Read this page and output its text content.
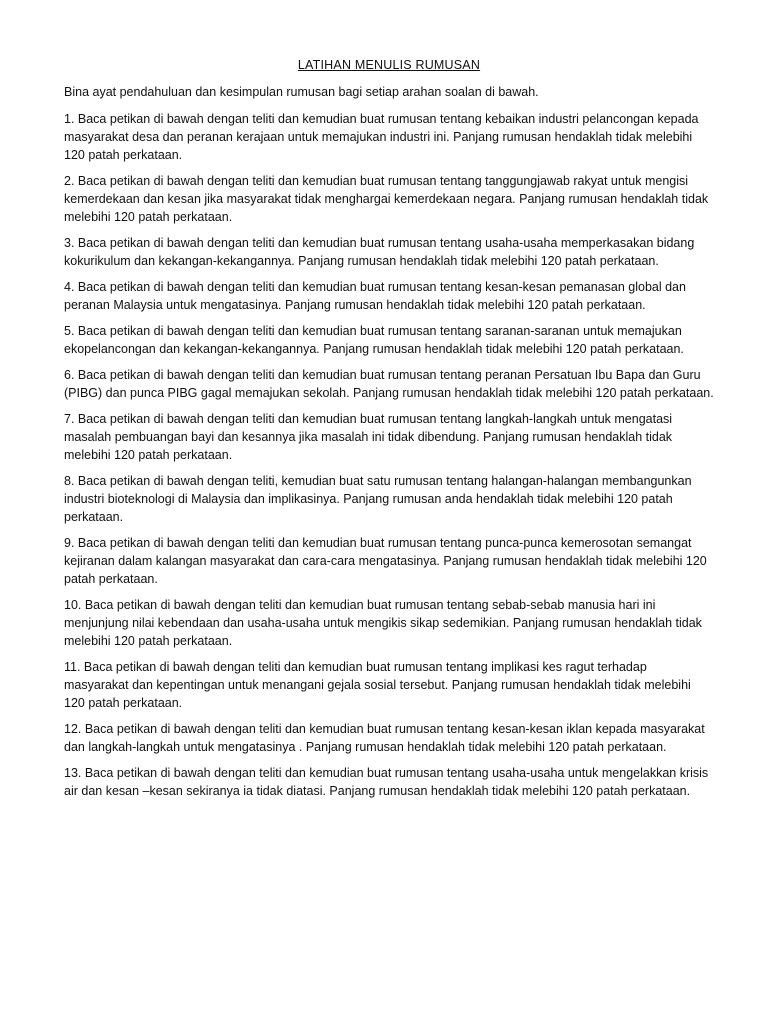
LATIHAN MENULIS RUMUSAN

Bina ayat pendahuluan dan kesimpulan rumusan bagi setiap arahan soalan di bawah.

1. Baca petikan di bawah dengan teliti dan kemudian buat rumusan tentang kebaikan industri pelancongan kepada masyarakat desa dan peranan kerajaan untuk memajukan industri ini. Panjang rumusan hendaklah tidak melebihi 120 patah perkataan.

2. Baca petikan di bawah dengan teliti dan kemudian buat rumusan tentang tanggungjawab rakyat untuk mengisi kemerdekaan dan kesan jika masyarakat tidak menghargai kemerdekaan negara. Panjang rumusan hendaklah tidak melebihi 120 patah perkataan.

3. Baca petikan di bawah dengan teliti dan kemudian buat rumusan tentang usaha-usaha memperkasakan bidang kokurikulum dan kekangan-kekangannya. Panjang rumusan hendaklah tidak melebihi 120 patah perkataan.

4. Baca petikan di bawah dengan teliti dan kemudian buat rumusan tentang kesan-kesan pemanasan global dan peranan Malaysia untuk mengatasinya. Panjang rumusan hendaklah tidak melebihi 120 patah perkataan.

5. Baca petikan di bawah dengan teliti dan kemudian buat rumusan tentang saranan-saranan untuk memajukan ekopelancongan dan kekangan-kekangannya. Panjang rumusan hendaklah tidak melebihi 120 patah perkataan.

6. Baca petikan di bawah dengan teliti dan kemudian buat rumusan tentang peranan Persatuan Ibu Bapa dan Guru (PIBG) dan punca PIBG gagal memajukan sekolah. Panjang rumusan hendaklah tidak melebihi 120 patah perkataan.

7. Baca petikan di bawah dengan teliti dan kemudian buat rumusan tentang langkah-langkah untuk mengatasi masalah pembuangan bayi dan kesannya jika masalah ini tidak dibendung. Panjang rumusan hendaklah tidak melebihi 120 patah perkataan.

8. Baca petikan di bawah dengan teliti, kemudian buat satu rumusan tentang halangan-halangan membangunkan industri bioteknologi di Malaysia dan implikasinya. Panjang rumusan anda hendaklah tidak melebihi 120 patah perkataan.

9. Baca petikan di bawah dengan teliti dan kemudian buat rumusan tentang punca-punca kemerosotan semangat kejiranan dalam kalangan masyarakat dan cara-cara mengatasinya. Panjang rumusan hendaklah tidak melebihi 120 patah perkataan.

10. Baca petikan di bawah dengan teliti dan kemudian buat rumusan tentang sebab-sebab manusia hari ini menjunjung nilai kebendaan dan usaha-usaha untuk mengikis sikap sedemikian. Panjang rumusan hendaklah tidak melebihi 120 patah perkataan.

11. Baca petikan di bawah dengan teliti dan kemudian buat rumusan tentang implikasi kes ragut terhadap masyarakat dan kepentingan untuk menangani gejala sosial tersebut. Panjang rumusan hendaklah tidak melebihi 120 patah perkataan.

12. Baca petikan di bawah dengan teliti dan kemudian buat rumusan tentang kesan-kesan iklan kepada masyarakat dan langkah-langkah untuk mengatasinya . Panjang rumusan hendaklah tidak melebihi 120 patah perkataan.

13. Baca petikan di bawah dengan teliti dan kemudian buat rumusan tentang usaha-usaha untuk mengelakkan krisis air dan kesan –kesan sekiranya ia tidak diatasi. Panjang rumusan hendaklah tidak melebihi 120 patah perkataan.
